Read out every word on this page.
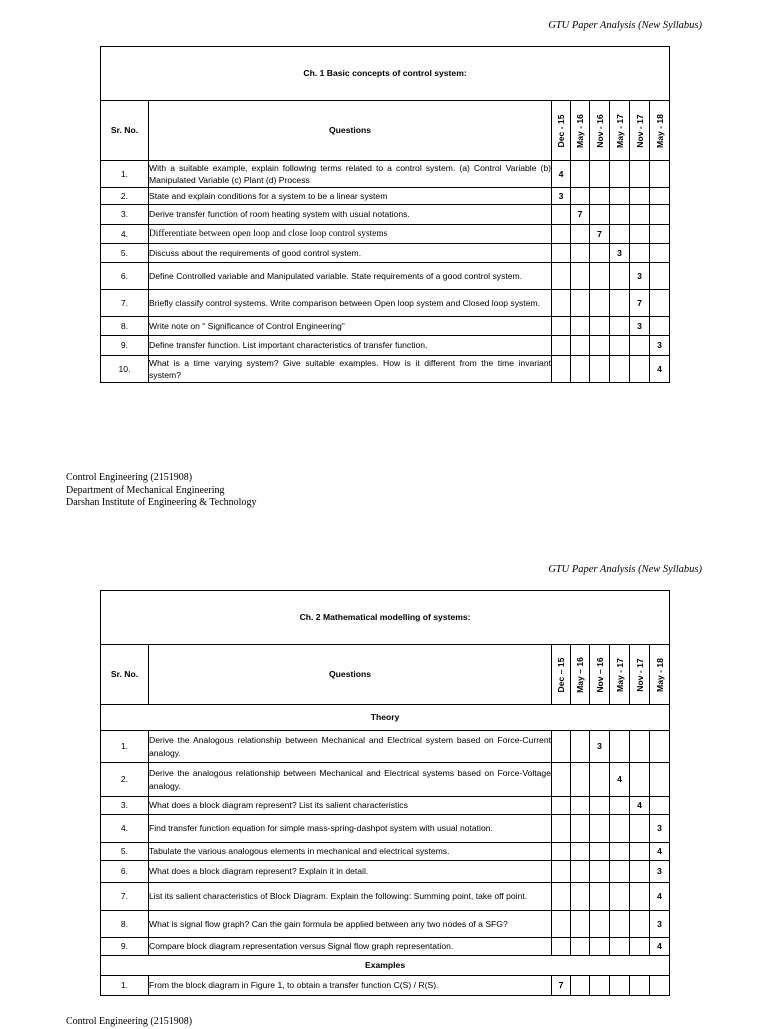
GTU Paper Analysis (New Syllabus)
Ch. 1 Basic concepts of control system:							
Sr. No.	Questions	Dec - 15	May - 16	Nov - 16	May - 17	Nov - 17	May - 18

1.	With a suitable example, explain following terms related to a control system. (a) Control Variable (b) Manipulated Variable (c) Plant (d) Process	4					
2.	State and explain conditions for a system to be a linear system	3					
3.	Derive transfer function of room heating system with usual notations.		7				
4.	Differentiate between open loop and close loop control systems			7			
5.	Discuss about the requirements of good control system.				3		
6.	Define Controlled variable and Manipulated variable. State requirements of a good control system.					3	
7.	Briefly classify control systems. Write comparison between Open loop system and Closed loop system.					7	
8.	Write note on “ Significance of Control Engineering”					3	
9.	Define transfer function. List important characteristics of transfer function.						3
10.	What is a time varying system? Give suitable examples. How is it different from the time invariant system?						4
Control Engineering (2151908)
Department of Mechanical Engineering
Darshan Institute of Engineering & Technology
GTU Paper Analysis (New Syllabus)
Ch. 2 Mathematical modelling of systems:							
Sr. No.	Questions	Dec – 15	May – 16	Nov – 16	May - 17	Nov - 17	May - 18

Theory							
1.	Derive the Analogous relationship between Mechanical and Electrical system based on Force-Current analogy.			3			
2.	Derive the analogous relationship between Mechanical and Electrical systems based on Force-Voltage analogy.				4		
3.	What does a block diagram represent? List its salient characteristics					4	
4.	Find transfer function equation for simple mass-spring-dashpot system with usual notation.						3
5.	Tabulate the various analogous elements in mechanical and electrical systems.						4
6.	What does a block diagram represent? Explain it in detail.						3
7.	List its salient characteristics of Block Diagram. Explain the following: Summing point, take off point.						4
8.	What is signal flow graph? Can the gain formula be applied between any two nodes of a SFG?						3
9.	Compare block diagram representation versus Signal flow graph representation.						4
Examples							
1.	From the block diagram in Figure 1, to obtain a transfer function C(S) / R(S).	7					
Control Engineering (2151908)
